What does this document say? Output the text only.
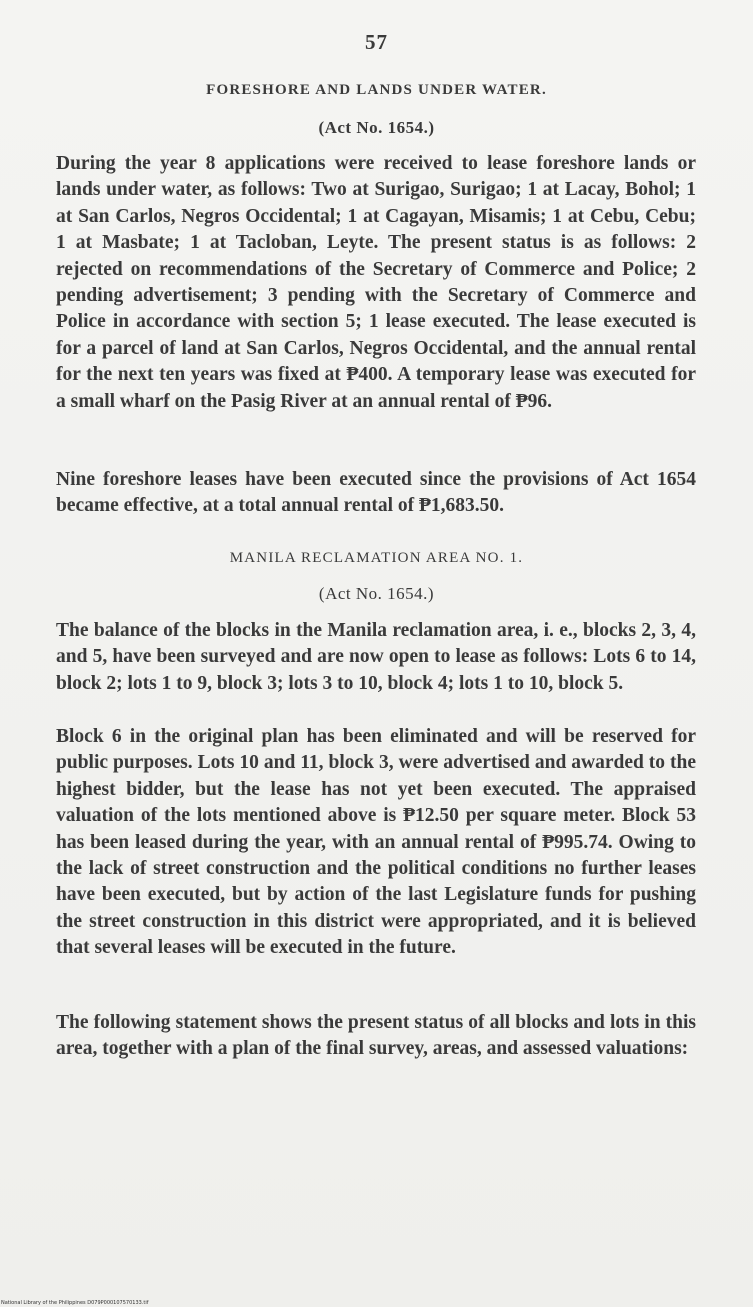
57
FORESHORE AND LANDS UNDER WATER.
(Act No. 1654.)
During the year 8 applications were received to lease foreshore lands or lands under water, as follows: Two at Surigao, Surigao; 1 at Lacay, Bohol; 1 at San Carlos, Negros Occidental; 1 at Cagayan, Misamis; 1 at Cebu, Cebu; 1 at Masbate; 1 at Tacloban, Leyte. The present status is as follows: 2 rejected on recommendations of the Secretary of Commerce and Police; 2 pending advertisement; 3 pending with the Secretary of Commerce and Police in accordance with section 5; 1 lease executed. The lease executed is for a parcel of land at San Carlos, Negros Occidental, and the annual rental for the next ten years was fixed at ₱400. A temporary lease was executed for a small wharf on the Pasig River at an annual rental of ₱96.
Nine foreshore leases have been executed since the provisions of Act 1654 became effective, at a total annual rental of ₱1,683.50.
MANILA RECLAMATION AREA NO. 1.
(Act No. 1654.)
The balance of the blocks in the Manila reclamation area, i. e., blocks 2, 3, 4, and 5, have been surveyed and are now open to lease as follows: Lots 6 to 14, block 2; lots 1 to 9, block 3; lots 3 to 10, block 4; lots 1 to 10, block 5.
Block 6 in the original plan has been eliminated and will be reserved for public purposes. Lots 10 and 11, block 3, were advertised and awarded to the highest bidder, but the lease has not yet been executed. The appraised valuation of the lots mentioned above is ₱12.50 per square meter. Block 53 has been leased during the year, with an annual rental of ₱995.74. Owing to the lack of street construction and the political conditions no further leases have been executed, but by action of the last Legislature funds for pushing the street construction in this district were appropriated, and it is believed that several leases will be executed in the future.
The following statement shows the present status of all blocks and lots in this area, together with a plan of the final survey, areas, and assessed valuations:
National Library of the Philippines D079P000107570133.tif
